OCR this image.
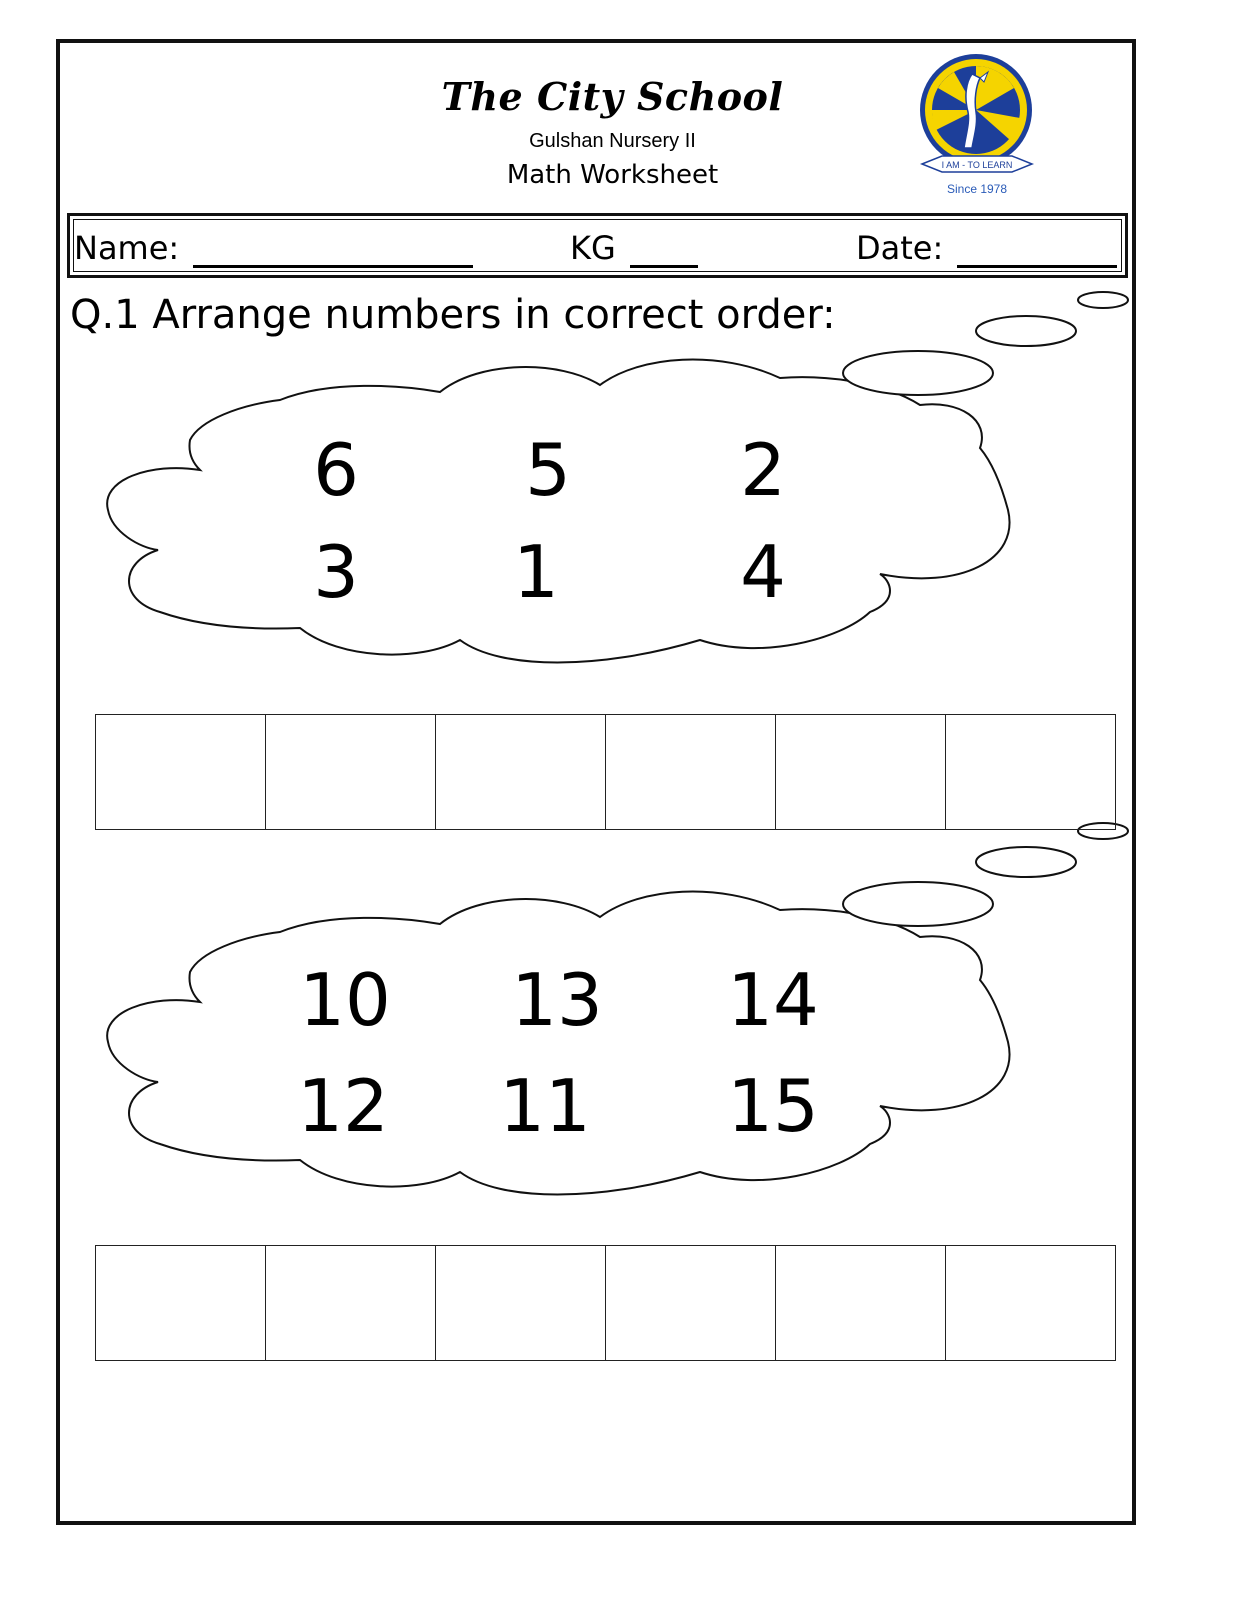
The City School
Gulshan Nursery II
Math Worksheet	I AM - TO LEARN
Since 1978
Name:	KG	Date:
Q.1 Arrange numbers in correct order:
6	5	2
3	1	4
10 13 14
12 11 15
